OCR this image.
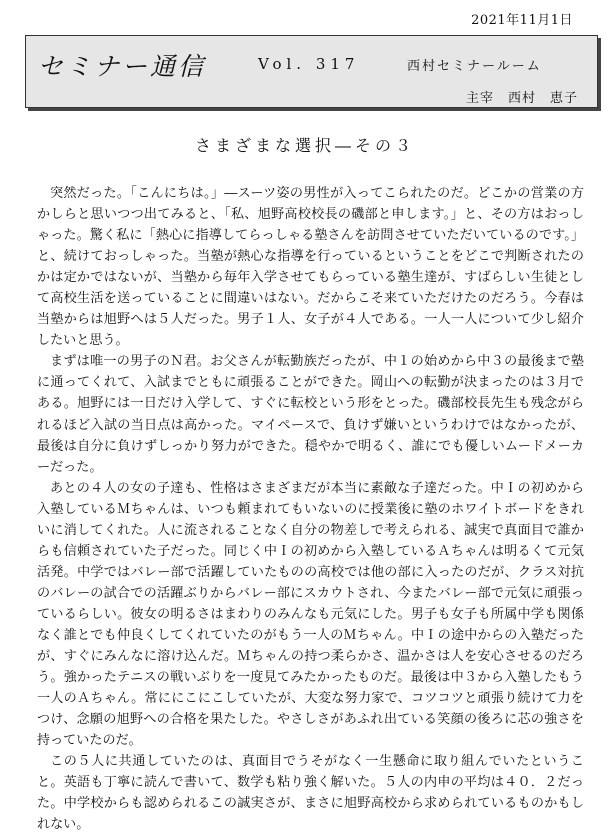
2021年11月1日
セミナー通信	Vol. 317	西村セミナールーム
主宰　西村　恵子
さまざまな選択―その３

突然だった。「こんにちは。」―スーツ姿の男性が入ってこられたのだ。どこかの営業の方かしらと思いつつ出てみると、「私、旭野高校校長の磯部と申します。」と、その方はおっしゃった。驚く私に「熱心に指導してらっしゃる塾さんを訪問させていただいているのです。」と、続けておっしゃった。当塾が熱心な指導を行っているということをどこで判断されたのかは定かではないが、当塾から毎年入学させてもらっている塾生達が、すばらしい生徒として高校生活を送っていることに間違いはない。だからこそ来ていただけたのだろう。今春は当塾からは旭野へは５人だった。男子１人、女子が４人である。一人一人について少し紹介したいと思う。

まずは唯一の男子のＮ君。お父さんが転勤族だったが、中１の始めから中３の最後まで塾に通ってくれて、入試までともに頑張ることができた。岡山への転勤が決まったのは３月である。旭野には一日だけ入学して、すぐに転校という形をとった。磯部校長先生も残念がられるほど入試の当日点は高かった。マイペースで、負けず嫌いというわけではなかったが、最後は自分に負けずしっかり努力ができた。穏やかで明るく、誰にでも優しいムードメーカーだった。

あとの４人の女の子達も、性格はさまざまだが本当に素敵な子達だった。中Ｉの初めから入塾しているＭちゃんは、いつも頼まれてもいないのに授業後に塾のホワイトボードをきれいに消してくれた。人に流されることなく自分の物差しで考えられる、誠実で真面目で誰からも信頼されていた子だった。同じく中Ｉの初めから入塾しているＡちゃんは明るくて元気活発。中学ではバレー部で活躍していたものの高校では他の部に入ったのだが、クラス対抗のバレーの試合での活躍ぶりからバレー部にスカウトされ、今またバレー部で元気に頑張っているらしい。彼女の明るさはまわりのみんなも元気にした。男子も女子も所属中学も関係なく誰とでも仲良くしてくれていたのがもう一人のＭちゃん。中Ｉの途中からの入塾だったが、すぐにみんなに溶け込んだ。Ｍちゃんの持つ柔らかさ、温かさは人を安心させるのだろう。強かったテニスの戦いぶりを一度見てみたかったものだ。最後は中３から入塾したもう一人のＡちゃん。常ににこにこしていたが、大変な努力家で、コツコツと頑張り続けて力をつけ、念願の旭野への合格を果たした。やさしさがあふれ出ている笑顔の後ろに芯の強さを持っていたのだ。

この５人に共通していたのは、真面目でうそがなく一生懸命に取り組んでいたということ。英語も丁寧に読んで書いて、数学も粘り強く解いた。５人の内申の平均は４０．２だった。中学校からも認められるこの誠実さが、まさに旭野高校から求められているものかもしれない。
